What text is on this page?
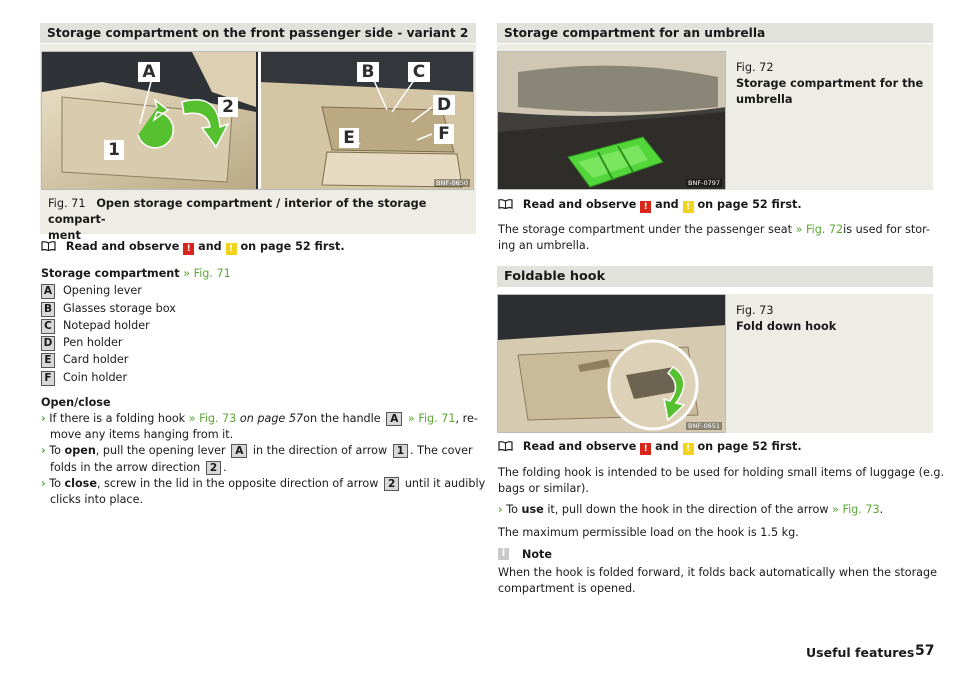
Storage compartment on the front passenger side - variant 2
A
2
1
B C
D
E	F
BNF-0650
Fig. 71 Open storage compartment / interior of the storage compart-
ment
Read and observe ! and ! on page 52 first.
Storage compartment » Fig. 71
A Opening lever
B Glasses storage box
C Notepad holder
D Pen holder
E	Card holder
F	Coin holder
Open/close
› If there is a folding hook » Fig. 73 on page 57on the handle A » Fig. 71, re-
move any items hanging from it.
› To open, pull the opening lever A in the direction of arrow 1 . The cover
folds in the arrow direction 2 .
› To close, screw in the lid in the opposite direction of arrow 2 until it audibly
clicks into place.
Storage compartment for an umbrella
BNF-0797
Fig. 72
Storage compartment for the
umbrella
Read and observe ! and ! on page 52 first.
The storage compartment under the passenger seat » Fig. 72is used for stor-
ing an umbrella.
Foldable hook
BNF-0651
Fig. 73
Fold down hook
Read and observe ! and ! on page 52 first.
The folding hook is intended to be used for holding small items of luggage (e.g.
bags or similar).
› To use it, pull down the hook in the direction of the arrow » Fig. 73.
The maximum permissible load on the hook is 1.5 kg.
i	Note
When the hook is folded forward, it folds back automatically when the storage
compartment is opened.
Useful features 57
